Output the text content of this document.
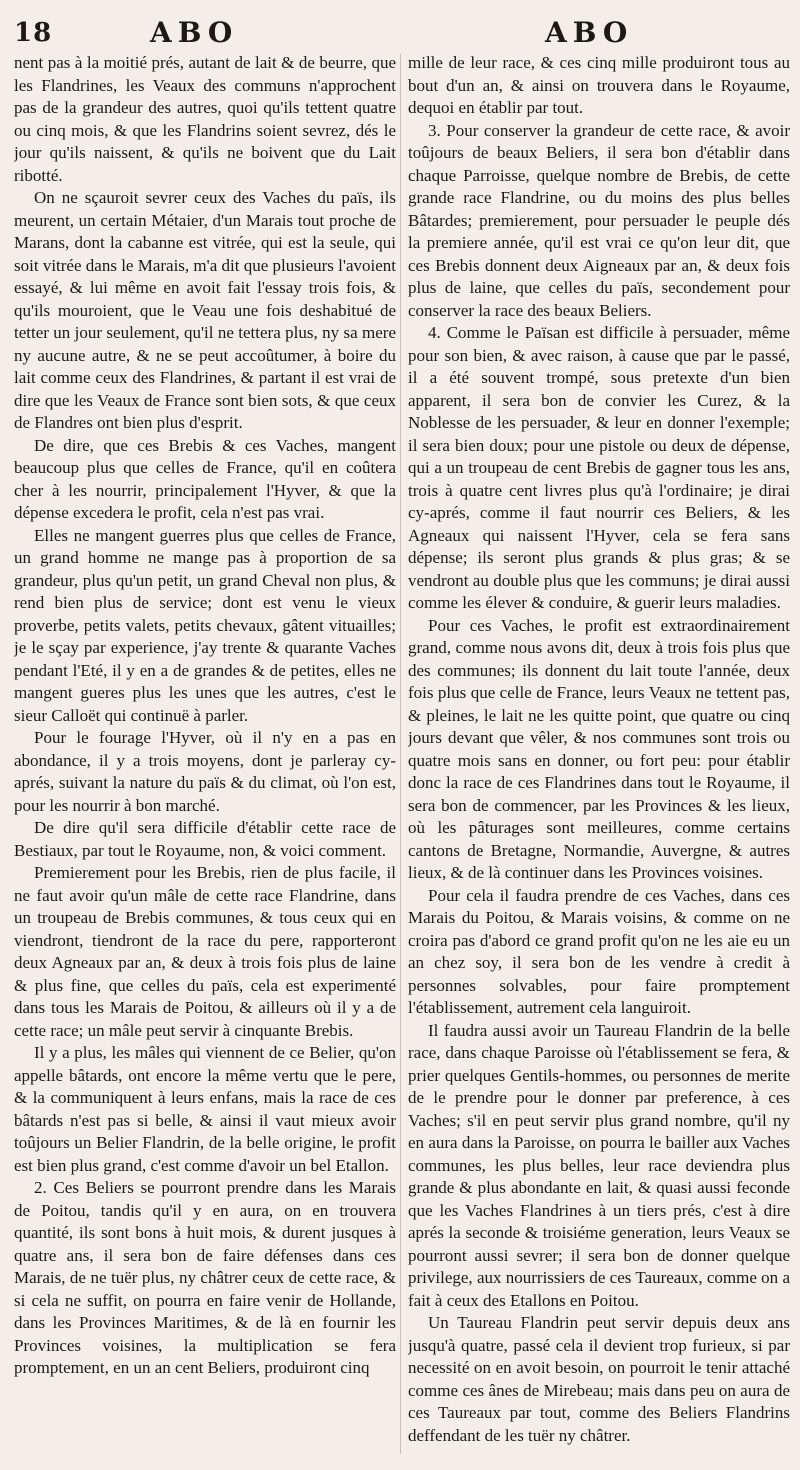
18	ABO	ABO

nent pas à la moitié prés, autant de lait & de beurre, que les Flandrines, les Veaux des communs n'approchent pas de la grandeur des autres, quoi qu'ils tettent quatre ou cinq mois, & que les Flandrins soient sevrez, dés le jour qu'ils naissent, & qu'ils ne boivent que du Lait ribotté.

On ne sçauroit sevrer ceux des Vaches du païs, ils meurent, un certain Métaier, d'un Marais tout proche de Marans, dont la cabanne est vitrée, qui est la seule, qui soit vitrée dans le Marais, m'a dit que plusieurs l'avoient essayé, & lui même en avoit fait l'essay trois fois, & qu'ils mouroient, que le Veau une fois deshabitué de tetter un jour seulement, qu'il ne tettera plus, ny sa mere ny aucune autre, & ne se peut accoûtumer, à boire du lait comme ceux des Flandrines, & partant il est vrai de dire que les Veaux de France sont bien sots, & que ceux de Flandres ont bien plus d'esprit.

De dire, que ces Brebis & ces Vaches, mangent beaucoup plus que celles de France, qu'il en coûtera cher à les nourrir, principalement l'Hyver, & que la dépense excedera le profit, cela n'est pas vrai.

Elles ne mangent guerres plus que celles de France, un grand homme ne mange pas à proportion de sa grandeur, plus qu'un petit, un grand Cheval non plus, & rend bien plus de service; dont est venu le vieux proverbe, petits valets, petits chevaux, gâtent vituailles; je le sçay par experience, j'ay trente & quarante Vaches pendant l'Eté, il y en a de grandes & de petites, elles ne mangent gueres plus les unes que les autres, c'est le sieur Calloët qui continuë à parler.

Pour le fourage l'Hyver, où il n'y en a pas en abondance, il y a trois moyens, dont je parleray cy-aprés, suivant la nature du païs & du climat, où l'on est, pour les nourrir à bon marché.

De dire qu'il sera difficile d'établir cette race de Bestiaux, par tout le Royaume, non, & voici comment.

Premierement pour les Brebis, rien de plus facile, il ne faut avoir qu'un mâle de cette race Flandrine, dans un troupeau de Brebis communes, & tous ceux qui en viendront, tiendront de la race du pere, rapporteront deux Agneaux par an, & deux à trois fois plus de laine & plus fine, que celles du païs, cela est experimenté dans tous les Marais de Poitou, & ailleurs où il y a de cette race; un mâle peut servir à cinquante Brebis.

Il y a plus, les mâles qui viennent de ce Belier, qu'on appelle bâtards, ont encore la même vertu que le pere, & la communiquent à leurs enfans, mais la race de ces bâtards n'est pas si belle, & ainsi il vaut mieux avoir toûjours un Belier Flandrin, de la belle origine, le profit est bien plus grand, c'est comme d'avoir un bel Etallon.

2. Ces Beliers se pourront prendre dans les Marais de Poitou, tandis qu'il y en aura, on en trouvera quantité, ils sont bons à huit mois, & durent jusques à quatre ans, il sera bon de faire défenses dans ces Marais, de ne tuër plus, ny châtrer ceux de cette race, & si cela ne suffit, on pourra en faire venir de Hollande, dans les Provinces Maritimes, & de là en fournir les Provinces voisines, la multiplication se fera promptement, en un an cent Beliers, produiront cinq

mille de leur race, & ces cinq mille produiront tous au bout d'un an, & ainsi on trouvera dans le Royaume, dequoi en établir par tout.

3. Pour conserver la grandeur de cette race, & avoir toûjours de beaux Beliers, il sera bon d'établir dans chaque Parroisse, quelque nombre de Brebis, de cette grande race Flandrine, ou du moins des plus belles Bâtardes; premierement, pour persuader le peuple dés la premiere année, qu'il est vrai ce qu'on leur dit, que ces Brebis donnent deux Aigneaux par an, & deux fois plus de laine, que celles du païs, secondement pour conserver la race des beaux Beliers.

4. Comme le Païsan est difficile à persuader, même pour son bien, & avec raison, à cause que par le passé, il a été souvent trompé, sous pretexte d'un bien apparent, il sera bon de convier les Curez, & la Noblesse de les persuader, & leur en donner l'exemple; il sera bien doux; pour une pistole ou deux de dépense, qui a un troupeau de cent Brebis de gagner tous les ans, trois à quatre cent livres plus qu'à l'ordinaire; je dirai cy-aprés, comme il faut nourrir ces Beliers, & les Agneaux qui naissent l'Hyver, cela se fera sans dépense; ils seront plus grands & plus gras; & se vendront au double plus que les communs; je dirai aussi comme les élever & conduire, & guerir leurs maladies.

Pour ces Vaches, le profit est extraordinairement grand, comme nous avons dit, deux à trois fois plus que des communes; ils donnent du lait toute l'année, deux fois plus que celle de France, leurs Veaux ne tettent pas, & pleines, le lait ne les quitte point, que quatre ou cinq jours devant que vêler, & nos communes sont trois ou quatre mois sans en donner, ou fort peu: pour établir donc la race de ces Flandrines dans tout le Royaume, il sera bon de commencer, par les Provinces & les lieux, où les pâturages sont meilleures, comme certains cantons de Bretagne, Normandie, Auvergne, & autres lieux, & de là continuer dans les Provinces voisines.

Pour cela il faudra prendre de ces Vaches, dans ces Marais du Poitou, & Marais voisins, & comme on ne croira pas d'abord ce grand profit qu'on ne les aie eu un an chez soy, il sera bon de les vendre à credit à personnes solvables, pour faire promptement l'établissement, autrement cela languiroit.

Il faudra aussi avoir un Taureau Flandrin de la belle race, dans chaque Paroisse où l'établissement se fera, & prier quelques Gentils-hommes, ou personnes de merite de le prendre pour le donner par preference, à ces Vaches; s'il en peut servir plus grand nombre, qu'il ny en aura dans la Paroisse, on pourra le bailler aux Vaches communes, les plus belles, leur race deviendra plus grande & plus abondante en lait, & quasi aussi feconde que les Vaches Flandrines à un tiers prés, c'est à dire aprés la seconde & troisiéme generation, leurs Veaux se pourront aussi sevrer; il sera bon de donner quelque privilege, aux nourrissiers de ces Taureaux, comme on a fait à ceux des Etallons en Poitou.

Un Taureau Flandrin peut servir depuis deux ans jusqu'à quatre, passé cela il devient trop furieux, si par necessité on en avoit besoin, on pourroit le tenir attaché comme ces ânes de Mirebeau; mais dans peu on aura de ces Taureaux par tout, comme des Beliers Flandrins deffendant de les tuër ny châtrer.
